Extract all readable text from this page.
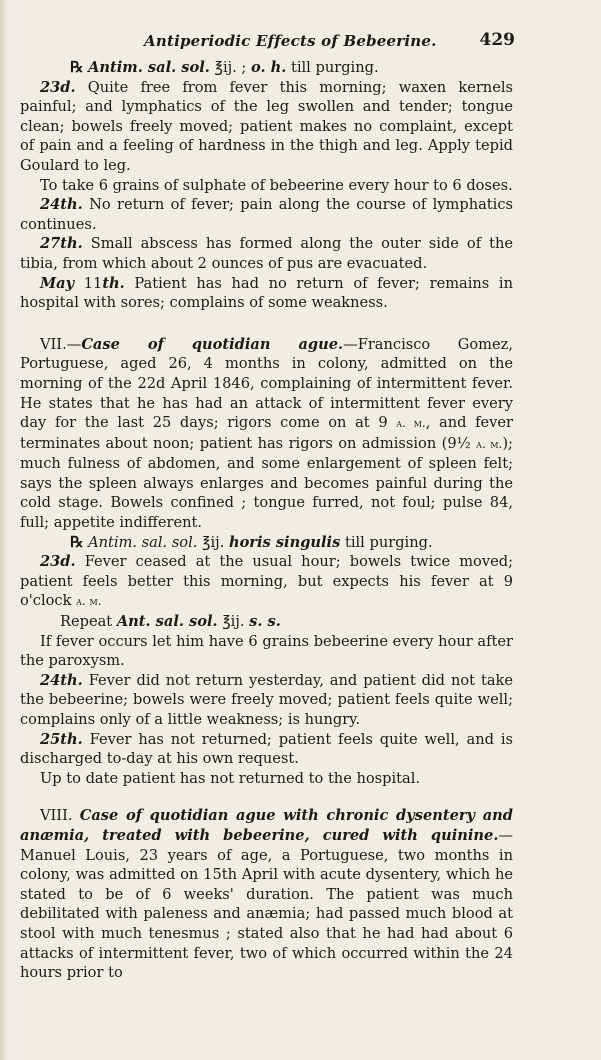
Antiperiodic Effects of Bebeerine.	429

℞ Antim. sal. sol. ℥ij. ; o. h. till purging.

23d. Quite free from fever this morning; waxen kernels painful; and lymphatics of the leg swollen and tender; tongue clean; bowels freely moved; patient makes no complaint, except of pain and a feeling of hardness in the thigh and leg. Apply tepid Goulard to leg.

To take 6 grains of sulphate of bebeerine every hour to 6 doses.

24th. No return of fever; pain along the course of lymphatics continues.

27th. Small abscess has formed along the outer side of the tibia, from which about 2 ounces of pus are evacuated.

May 11th. Patient has had no return of fever; remains in hospital with sores; complains of some weakness.

VII.—Case of quotidian ague.—Francisco Gomez, Portuguese, aged 26, 4 months in colony, admitted on the morning of the 22d April 1846, complaining of intermittent fever. He states that he has had an attack of intermittent fever every day for the last 25 days; rigors come on at 9 a. m., and fever terminates about noon; patient has rigors on admission (9½ a. m.); much fulness of abdomen, and some enlargement of spleen felt; says the spleen always enlarges and becomes painful during the cold stage. Bowels confined ; tongue furred, not foul; pulse 84, full; appetite indifferent.

℞ Antim. sal. sol. ℥ij. horis singulis till purging.

23d. Fever ceased at the usual hour; bowels twice moved; patient feels better this morning, but expects his fever at 9 o'clock a. m.

Repeat Ant. sal. sol. ℥ij. s. s.

If fever occurs let him have 6 grains bebeerine every hour after the paroxysm.

24th. Fever did not return yesterday, and patient did not take the bebeerine; bowels were freely moved; patient feels quite well; complains only of a little weakness; is hungry.

25th. Fever has not returned; patient feels quite well, and is discharged to-day at his own request.

Up to date patient has not returned to the hospital.

VIII. Case of quotidian ague with chronic dysentery and anæmia, treated with bebeerine, cured with quinine.—Manuel Louis, 23 years of age, a Portuguese, two months in colony, was admitted on 15th April with acute dysentery, which he stated to be of 6 weeks' duration. The patient was much debilitated with paleness and anæmia; had passed much blood at stool with much tenesmus ; stated also that he had had about 6 attacks of intermittent fever, two of which occurred within the 24 hours prior to
